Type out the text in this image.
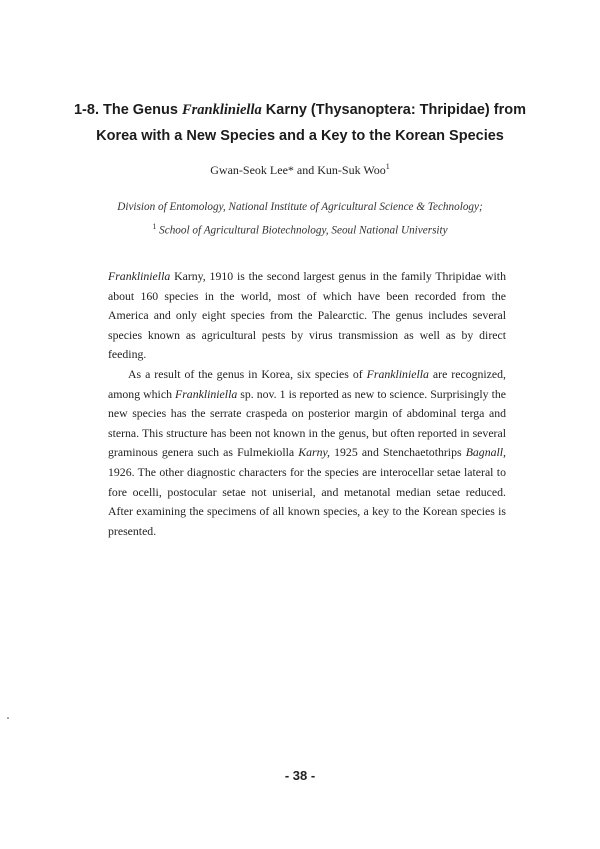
1-8. The Genus Frankliniella Karny (Thysanoptera: Thripidae) from
Korea with a New Species and a Key to the Korean Species
Gwan-Seok Lee* and Kun-Suk Woo$^1$
Division of Entomology, National Institute of Agricultural Science & Technology;
$^1$ School of Agricultural Biotechnology, Seoul National University
Frankliniella Karny, 1910 is the second largest genus in the family Thripidae with about 160 species in the world, most of which have been recorded from the America and only eight species from the Palearctic. The genus includes several species known as agricultural pests by virus transmission as well as by direct feeding.
As a result of the genus in Korea, six species of Frankliniella are recognized, among which Frankliniella sp. nov. 1 is reported as new to science. Surprisingly the new species has the serrate craspeda on posterior margin of abdominal terga and sterna. This structure has been not known in the genus, but often reported in several graminous genera such as Fulmekiolla Karny, 1925 and Stenchaetothrips Bagnall, 1926. The other diagnostic characters for the species are interocellar setae lateral to fore ocelli, postocular setae not uniserial, and metanotal median setae reduced. After examining the specimens of all known species, a key to the Korean species is presented.
- 38 -
